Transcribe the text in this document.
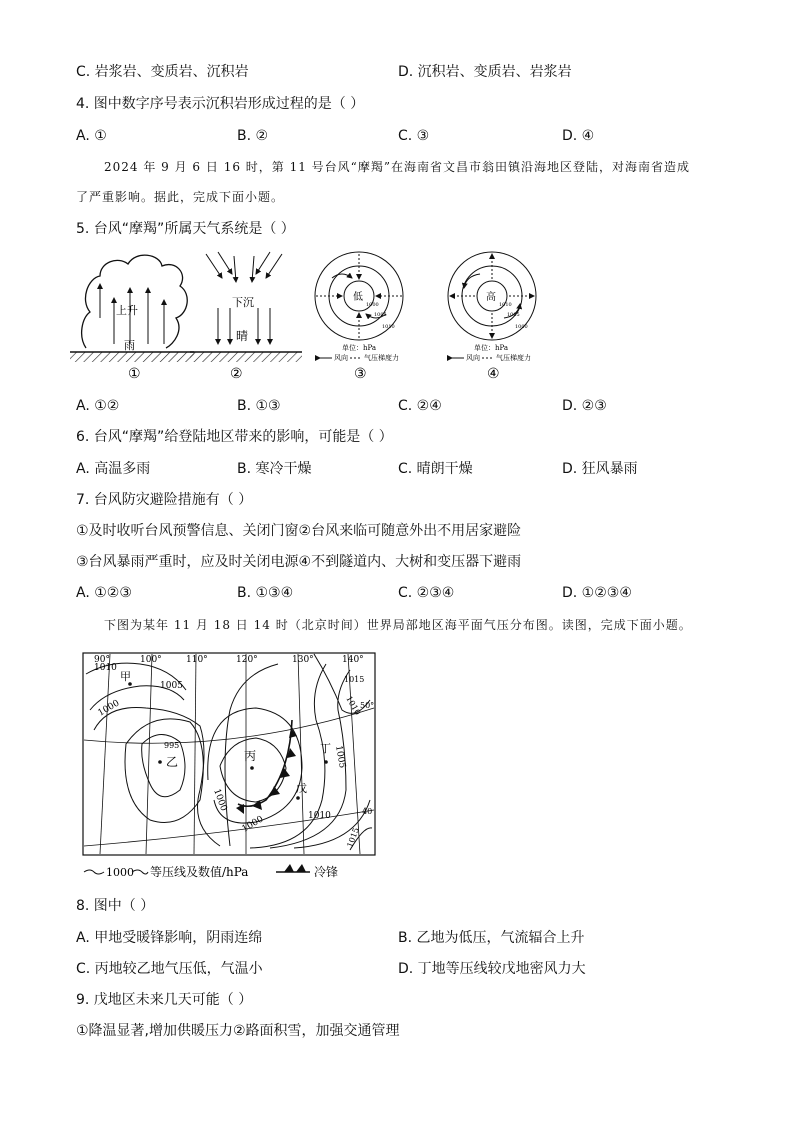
C. 岩浆岩、变质岩、沉积岩	D. 沉积岩、变质岩、岩浆岩
4. 图中数字序号表示沉积岩形成过程的是（ ）
A. ①	B. ②	C. ③	D. ④
2024 年 9 月 6 日 16 时，第 11 号台风“摩羯”在海南省文昌市翁田镇沿海地区登陆，对海南省造成
了严重影响。据此，完成下面小题。
5. 台风“摩羯”所属天气系统是（ ）
上升
雨
①
下沉
晴
②
低
1000
1005
1010
单位：hPa
风向 气压梯度力
③
高
1010
1005
1000
单位：hPa
风向 气压梯度力
④
A. ①②	B. ①③	C. ②④	D. ②③
6. 台风“摩羯”给登陆地区带来的影响，可能是（ ）
A. 高温多雨	B. 寒冷干燥	C. 晴朗干燥	D. 狂风暴雨
7. 台风防灾避险措施有（ ）
①及时收听台风预警信息、关闭门窗②台风来临可随意外出不用居家避险
③台风暴雨严重时，应及时关闭电源④不到隧道内、大树和变压器下避雨
A. ①②③	B. ①③④	C. ②③④	D. ①②③④
下图为某年 11 月 18 日 14 时（北京时间）世界局部地区海平面气压分布图。读图，完成下面小题。
90°	100°	110°	120°	130°	140°
50°
40
甲
乙	丙
丁
戊
1010
1005
1000
995
1000
1015
1010
1005
1000	1010
1015
1000 等压线及数值/hPa	冷锋
8. 图中（ ）
A. 甲地受暖锋影响，阴雨连绵	B. 乙地为低压，气流辐合上升
C. 丙地较乙地气压低，气温小	D. 丁地等压线较戊地密风力大
9. 戊地区未来几天可能（ ）
①降温显著,增加供暖压力②路面积雪，加强交通管理
